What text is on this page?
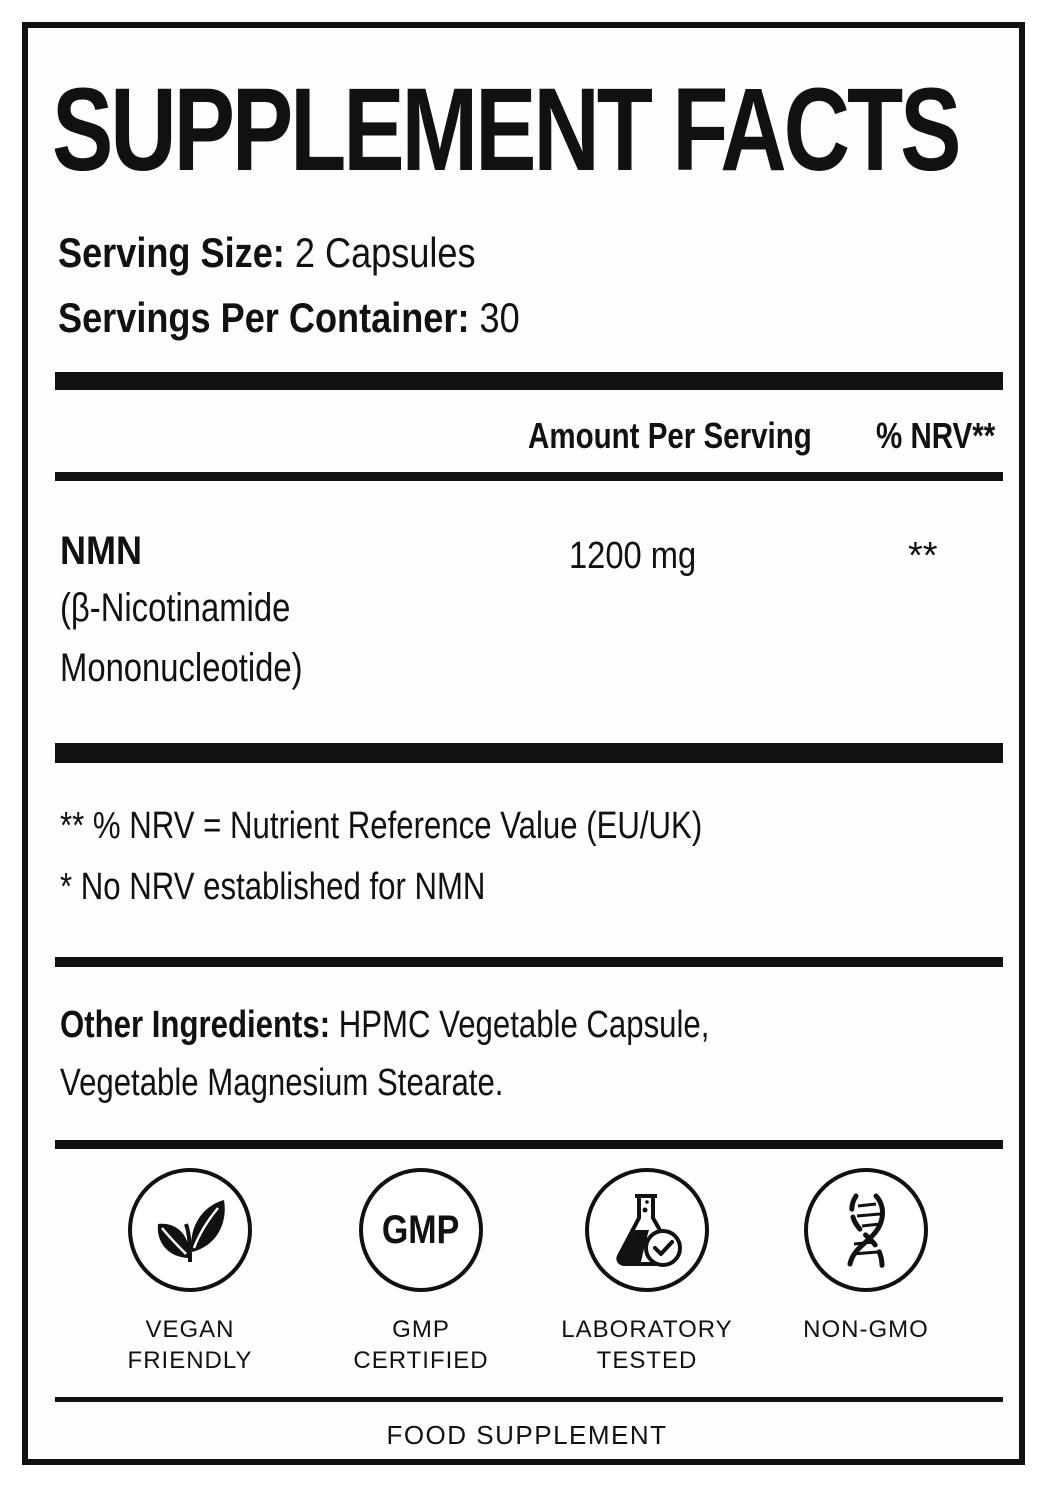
SUPPLEMENT FACTS
Serving Size: 2 Capsules
Servings Per Container: 30
Amount Per Serving % NRV**
NMN
(β-Nicotinamide
Mononucleotide)
1200 mg	**
** % NRV = Nutrient Reference Value (EU/UK)
* No NRV established for NMN
Other Ingredients: HPMC Vegetable Capsule,
Vegetable Magnesium Stearate.
VEGAN
FRIENDLY
GMP
GMP
CERTIFIED
LABORATORY
TESTED
NON-GMO
FOOD SUPPLEMENT
